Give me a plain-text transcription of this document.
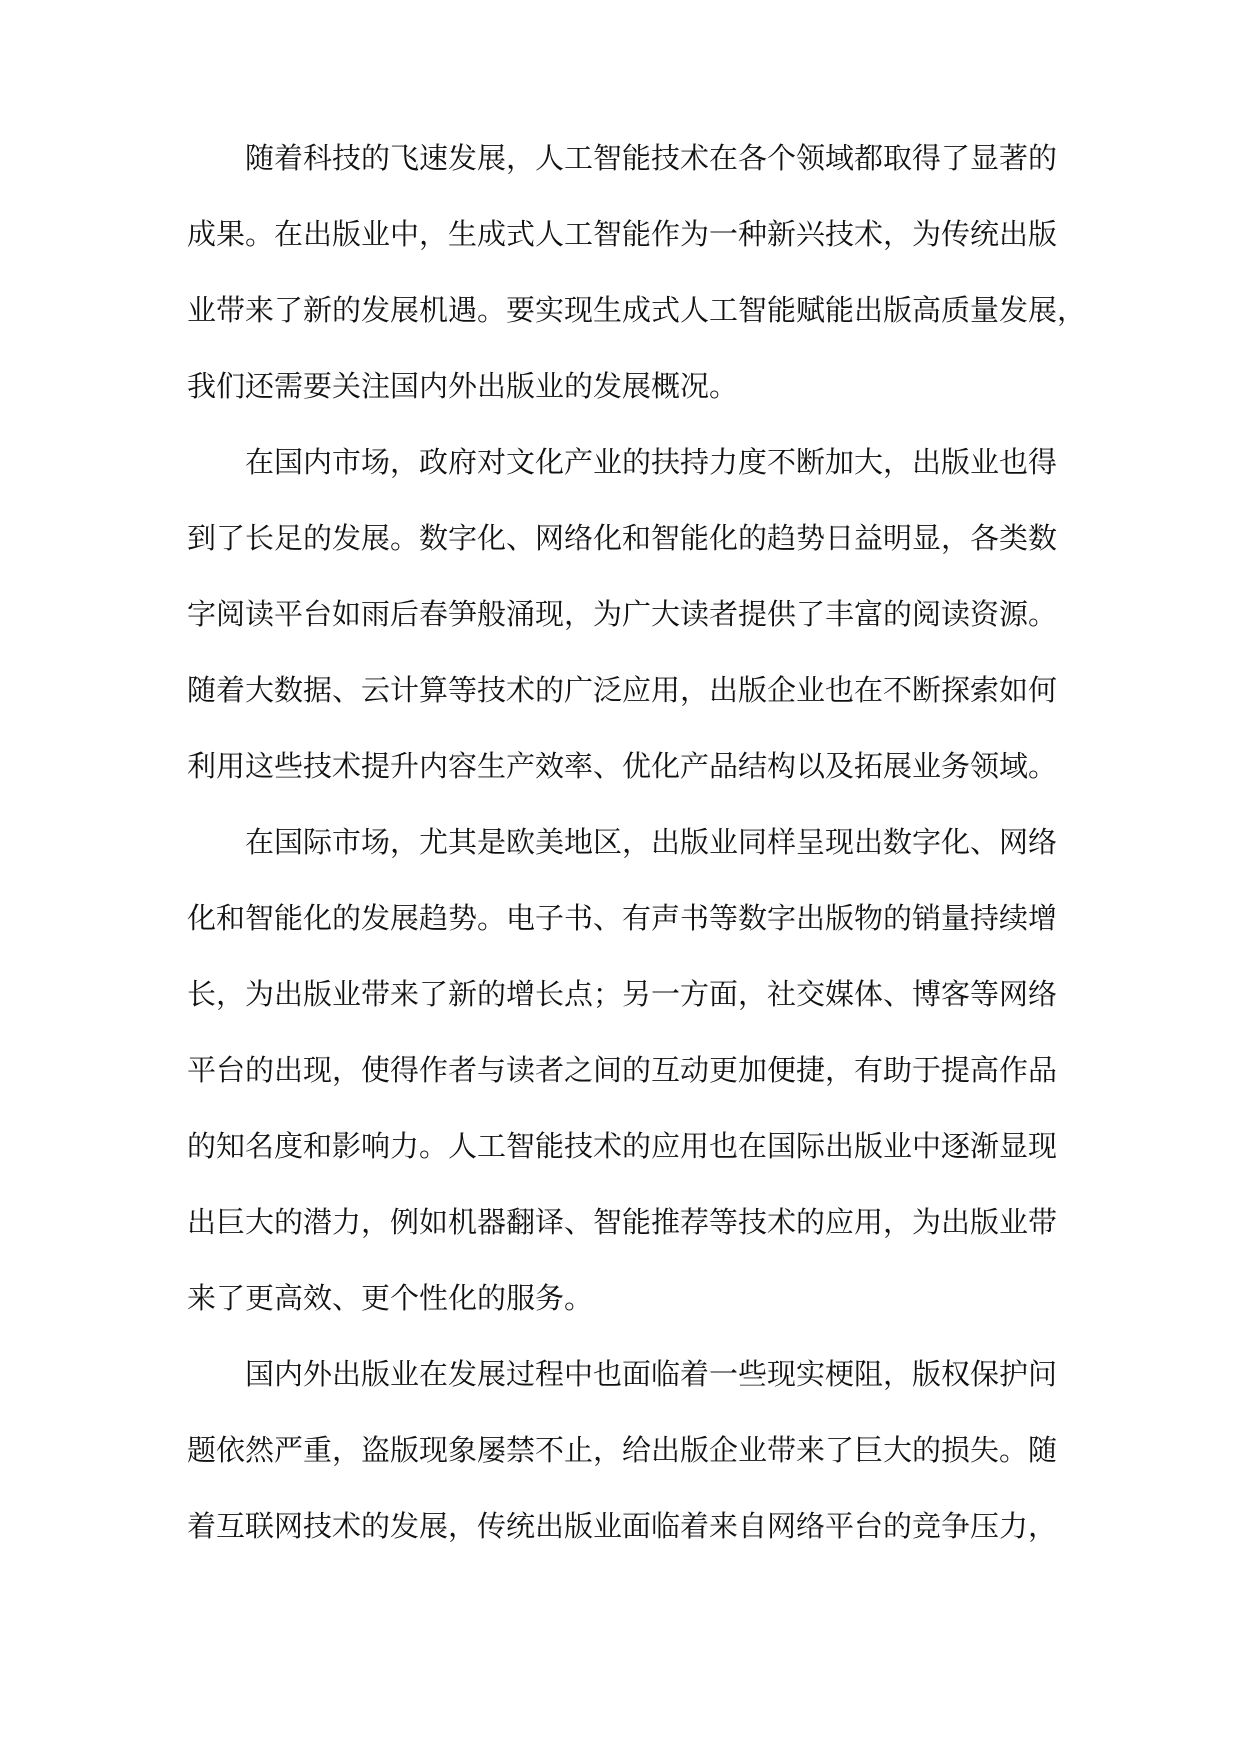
随着科技的飞速发展，人工智能技术在各个领域都取得了显著的

成果。在出版业中，生成式人工智能作为一种新兴技术，为传统出版

业带来了新的发展机遇。要实现生成式人工智能赋能出版高质量发展，

我们还需要关注国内外出版业的发展概况。

在国内市场，政府对文化产业的扶持力度不断加大，出版业也得

到了长足的发展。数字化、网络化和智能化的趋势日益明显，各类数

字阅读平台如雨后春笋般涌现，为广大读者提供了丰富的阅读资源。

随着大数据、云计算等技术的广泛应用，出版企业也在不断探索如何

利用这些技术提升内容生产效率、优化产品结构以及拓展业务领域。

在国际市场，尤其是欧美地区，出版业同样呈现出数字化、网络

化和智能化的发展趋势。电子书、有声书等数字出版物的销量持续增

长，为出版业带来了新的增长点；另一方面，社交媒体、博客等网络

平台的出现，使得作者与读者之间的互动更加便捷，有助于提高作品

的知名度和影响力。人工智能技术的应用也在国际出版业中逐渐显现

出巨大的潜力，例如机器翻译、智能推荐等技术的应用，为出版业带

来了更高效、更个性化的服务。

国内外出版业在发展过程中也面临着一些现实梗阻，版权保护问

题依然严重，盗版现象屡禁不止，给出版企业带来了巨大的损失。随

着互联网技术的发展，传统出版业面临着来自网络平台的竞争压力，
